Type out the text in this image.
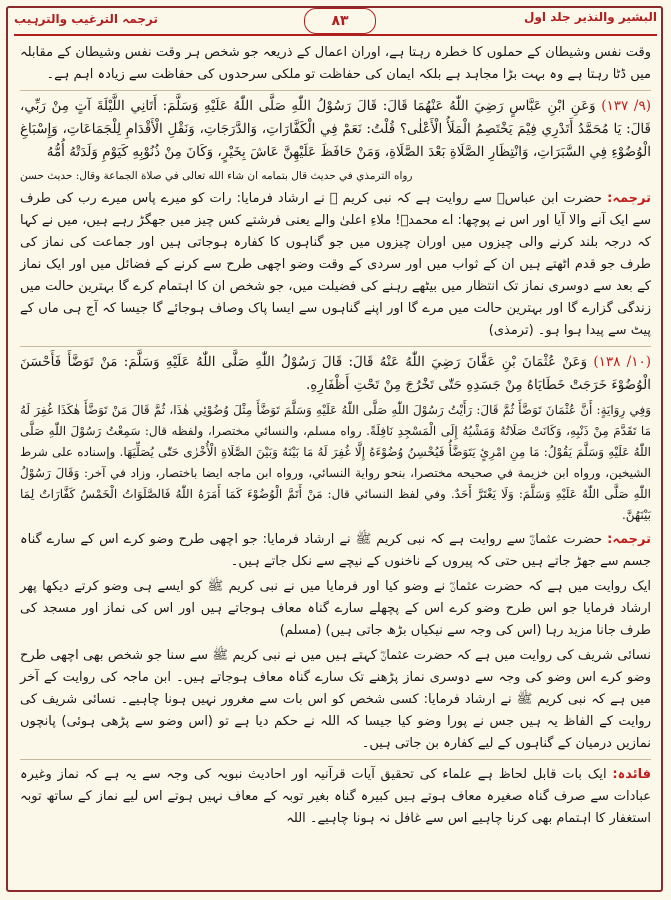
ترجمہ الترغیب والترہیب	۸۳	البشیر والنذیر جلد اول

وقت نفس وشیطان کے حملوں کا خطرہ رہتا ہے، اوران اعمال کے ذریعہ جو شخص ہر وقت نفس وشیطان کے مقابلہ میں ڈٹا رہتا ہے وہ بہت بڑا مجاہد ہے بلکہ ایمان کی حفاظت تو ملکی سرحدوں کی حفاظت سے زیادہ اہم ہے۔

(۹/ ۱۳۷) وَعَنِ ابْنِ عَبَّاسٍ رَضِيَ اللّٰهُ عَنْهُمَا قَالَ: قَالَ رَسُوْلُ اللّٰهِ صَلَّى اللّٰهُ عَلَيْهِ وَسَلَّمَ: أَتَانِي اللَّيْلَةَ آتٍ مِنْ رَبِّي، قَالَ: يَا مُحَمَّدُ أَتَدْرِي فِيْمَ يَخْتَصِمُ الْمَلَأُ الْأَعْلٰى؟ قُلْتُ: نَعَمْ فِي الْكَفَّارَاتِ، وَالدَّرَجَاتِ، وَنَقْلِ الْأَقْدَامِ لِلْجَمَاعَاتِ، وَإِسْبَاغِ الْوُضُوْءِ فِي السَّبَرَاتِ، وَانْتِظَارِ الصَّلَاةِ بَعْدَ الصَّلَاةِ، وَمَنْ حَافَظَ عَلَيْهِنَّ عَاشَ بِخَيْرٍ، وَكَانَ مِنْ ذُنُوْبِهِ كَيَوْمِ وَلَدَتْهُ أُمُّهُ

رواه الترمذي في حديث قال بتمامه ان شاء الله تعالى في صلاة الجماعة وقال: حديث حسن

ترجمہ: حضرت ابن عباسؓ سے روایت ہے کہ نبی کریم ﷺ نے ارشاد فرمایا: رات کو میرے پاس میرے رب کی طرف سے ایک آنے والا آیا اور اس نے پوچھا: اے محمدؐ! ملاءِ اعلیٰ والے یعنی فرشتے کس چیز میں جھگڑ رہے ہیں، میں نے کہا کہ درجہ بلند کرنے والی چیزوں میں اوران چیزوں میں جو گناہوں کا کفارہ ہوجاتی ہیں اور جماعت کی نماز کی طرف جو قدم اٹھتے ہیں ان کے ثواب میں اور سردی کے وقت وضو اچھی طرح سے کرنے کے فضائل میں اور ایک نماز کے بعد سے دوسری نماز تک انتظار میں بیٹھے رہنے کی فضیلت میں، جو شخص ان کا اہتمام کرے گا بہترین حالت میں زندگی گزارے گا اور بہترین حالت میں مرے گا اور اپنے گناہوں سے ایسا پاک وصاف ہوجائے گا جیسا کہ آج ہی ماں کے پیٹ سے پیدا ہوا ہو۔ (ترمذی)

(۱۰/ ۱۳۸) وَعَنْ عُثْمَانَ بْنِ عَفَّانَ رَضِيَ اللّٰهُ عَنْهُ قَالَ: قَالَ رَسُوْلُ اللّٰهِ صَلَّى اللّٰهُ عَلَيْهِ وَسَلَّمَ: مَنْ تَوَضَّأَ فَأَحْسَنَ الْوُضُوْءَ خَرَجَتْ خَطَايَاهُ مِنْ جَسَدِهِ حَتّٰى تَخْرُجَ مِنْ تَحْتِ أَظْفَارِهِ.

وَفِي رِوَايَةٍ: أَنَّ عُثْمَانَ تَوَضَّأَ ثُمَّ قَالَ: رَأَيْتُ رَسُوْلَ اللّٰهِ صَلَّى اللّٰهُ عَلَيْهِ وَسَلَّمَ تَوَضَّأَ مِثْلَ وُضُوْئِي هٰذَا، ثُمَّ قَالَ مَنْ تَوَضَّأَ هٰكَذَا غُفِرَ لَهُ مَا تَقَدَّمَ مِنْ ذَنْبِهِ، وَكَانَتْ صَلَاتُهُ وَمَشْيُهُ إِلَى الْمَسْجِدِ نَافِلَةً. رواه مسلم، والنسائي مختصرا، ولفظه قال: سَمِعْتُ رَسُوْلَ اللّٰهِ صَلَّى اللّٰهُ عَلَيْهِ وَسَلَّمَ يَقُوْلُ: مَا مِنِ امْرِئٍ يَتَوَضَّأُ فَيُحْسِنُ وُضُوْءَهُ إِلَّا غُفِرَ لَهُ مَا بَيْنَهُ وَبَيْنَ الصَّلَاةِ الْأُخْرٰى حَتّٰى يُصَلِّيَهَا. وإسناده على شرط الشيخين، ورواه ابن خزيمة في صحيحه مختصرا، بنحو رواية النسائي، ورواه ابن ماجه ايضا باختصار، وزاد في آخر: وَقَالَ رَسُوْلُ اللّٰهِ صَلَّى اللّٰهُ عَلَيْهِ وَسَلَّمَ: وَلَا يَغْتَرَّ أَحَدٌ. وفي لفظ النسائي قال: مَنْ أَتَمَّ الْوُضُوْءَ كَمَا أَمَرَهُ اللّٰهُ فَالصَّلَوَاتُ الْخَمْسُ كَفَّارَاتٌ لِمَا بَيْنَهُنَّ.

ترجمہ: حضرت عثمانؓ سے روایت ہے کہ نبی کریم ﷺ نے ارشاد فرمایا: جو اچھی طرح وضو کرے اس کے سارے گناہ جسم سے جھڑ جاتے ہیں حتی کہ پیروں کے ناخنوں کے نیچے سے نکل جاتے ہیں۔

ایک روایت میں ہے کہ حضرت عثمانؓ نے وضو کیا اور فرمایا میں نے نبی کریم ﷺ کو ایسے ہی وضو کرتے دیکھا پھر ارشاد فرمایا جو اس طرح وضو کرے اس کے پچھلے سارے گناہ معاف ہوجاتے ہیں اور اس کی نماز اور مسجد کی طرف جانا مزید رہا (اس کی وجہ سے نیکیاں بڑھ جاتی ہیں) (مسلم)

نسائی شریف کی روایت میں ہے کہ حضرت عثمانؓ کہتے ہیں میں نے نبی کریم ﷺ سے سنا جو شخص بھی اچھی طرح وضو کرے اس وضو کی وجہ سے دوسری نماز پڑھنے تک سارے گناہ معاف ہوجاتے ہیں۔ ابن ماجہ کی روایت کے آخر میں ہے کہ نبی کریم ﷺ نے ارشاد فرمایا: کسی شخص کو اس بات سے مغرور نہیں ہونا چاہیے۔ نسائی شریف کی روایت کے الفاظ یہ ہیں جس نے پورا وضو کیا جیسا کہ اللہ نے حکم دیا ہے تو (اس وضو سے پڑھی ہوئی) پانچوں نمازیں درمیان کے گناہوں کے لیے کفارہ بن جاتی ہیں۔

فائدہ: ایک بات قابل لحاظ ہے علماء کی تحقیق آیات قرآنیہ اور احادیث نبویہ کی وجہ سے یہ ہے کہ نماز وغیرہ عبادات سے صرف گناہ صغیرہ معاف ہوتے ہیں کبیرہ گناہ بغیر توبہ کے معاف نہیں ہوتے اس لیے نماز کے ساتھ توبہ استغفار کا اہتمام بھی کرنا چاہیے اس سے غافل نہ ہونا چاہیے۔ اللہ
